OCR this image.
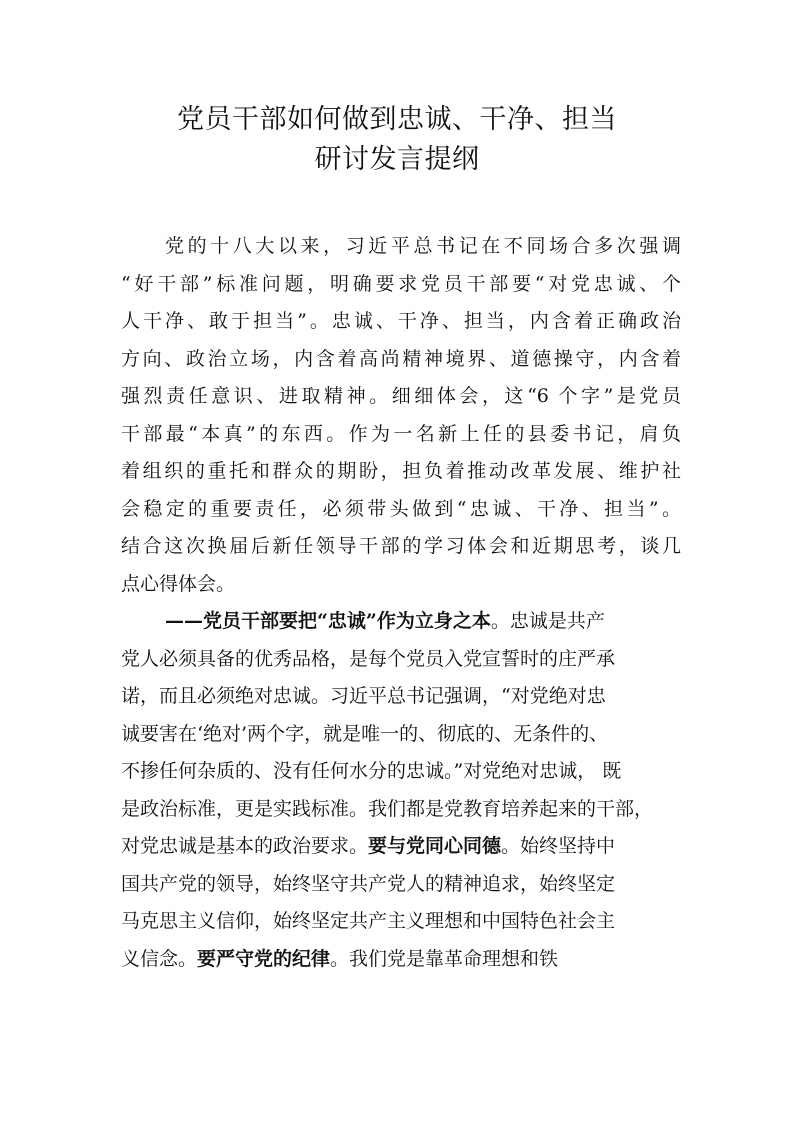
党员干部如何做到忠诚、干净、担当
研讨发言提纲
党的十八大以来，习近平总书记在不同场合多次强调
“好干部”标准问题，明确要求党员干部要“对党忠诚、个
人干净、敢于担当”。忠诚、干净、担当，内含着正确政治
方向、政治立场，内含着高尚精神境界、道德操守，内含着
强烈责任意识、进取精神。细细体会，这“6 个字”是党员
干部最“本真”的东西。作为一名新上任的县委书记，肩负
着组织的重托和群众的期盼，担负着推动改革发展、维护社
会稳定的重要责任，必须带头做到“忠诚、干净、担当”。
结合这次换届后新任领导干部的学习体会和近期思考，谈几
点心得体会。
——党员干部要把“忠诚”作为立身之本。忠诚是共产
党人必须具备的优秀品格，是每个党员入党宣誓时的庄严承
诺，而且必须绝对忠诚。习近平总书记强调，“对党绝对忠
诚要害在‘绝对’两个字，就是唯一的、彻底的、无条件的、
不掺任何杂质的、没有任何水分的忠诚。”对党绝对忠诚， 既
是政治标准，更是实践标准。我们都是党教育培养起来的干部，
对党忠诚是基本的政治要求。要与党同心同德。始终坚持中
国共产党的领导，始终坚守共产党人的精神追求，始终坚定
马克思主义信仰，始终坚定共产主义理想和中国特色社会主
义信念。要严守党的纪律。我们党是靠革命理想和铁
